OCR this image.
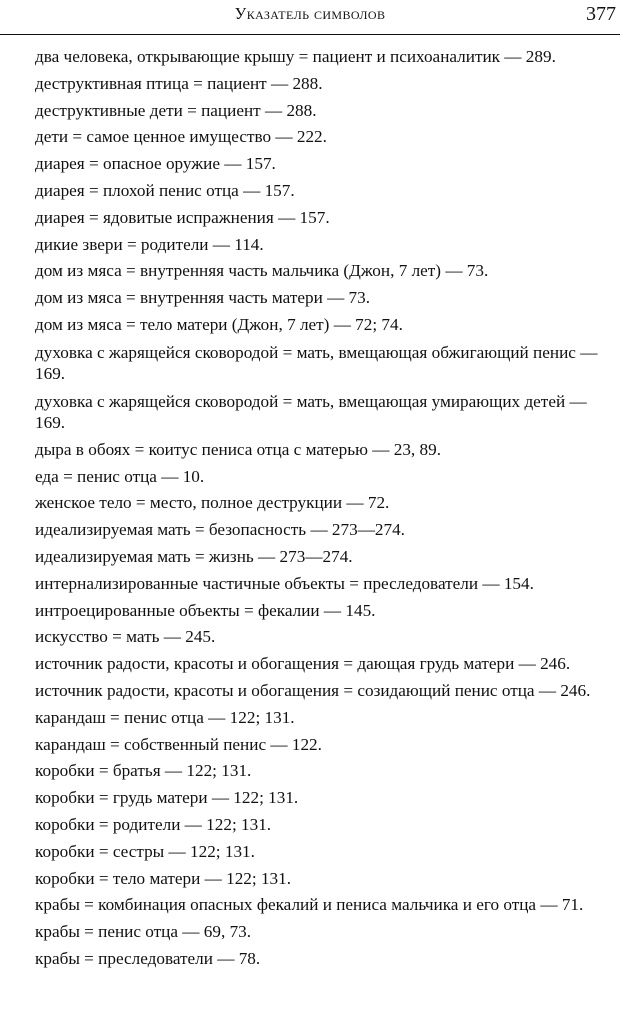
Указатель символов	377
два человека, открывающие крышу = пациент и психоаналитик — 289.
деструктивная птица = пациент — 288.
деструктивные дети = пациент — 288.
дети = самое ценное имущество — 222.
диарея = опасное оружие — 157.
диарея = плохой пенис отца — 157.
диарея = ядовитые испражнения — 157.
дикие звери = родители — 114.
дом из мяса = внутренняя часть мальчика (Джон, 7 лет) — 73.
дом из мяса = внутренняя часть матери — 73.
дом из мяса = тело матери (Джон, 7 лет) — 72; 74.
духовка с жарящейся сковородой = мать, вмещающая обжигающий пенис — 169.
духовка с жарящейся сковородой = мать, вмещающая умирающих детей — 169.
дыра в обоях = коитус пениса отца с матерью — 23, 89.
еда = пенис отца — 10.
женское тело = место, полное деструкции — 72.
идеализируемая мать = безопасность — 273—274.
идеализируемая мать = жизнь — 273—274.
интернализированные частичные объекты = преследователи — 154.
интроецированные объекты = фекалии — 145.
искусство = мать — 245.
источник радости, красоты и обогащения = дающая грудь матери — 246.
источник радости, красоты и обогащения = созидающий пенис отца — 246.
карандаш = пенис отца — 122; 131.
карандаш = собственный пенис — 122.
коробки = братья — 122; 131.
коробки = грудь матери — 122; 131.
коробки = родители — 122; 131.
коробки = сестры — 122; 131.
коробки = тело матери — 122; 131.
крабы = комбинация опасных фекалий и пениса мальчика и его отца — 71.
крабы = пенис отца — 69, 73.
крабы = преследователи — 78.
